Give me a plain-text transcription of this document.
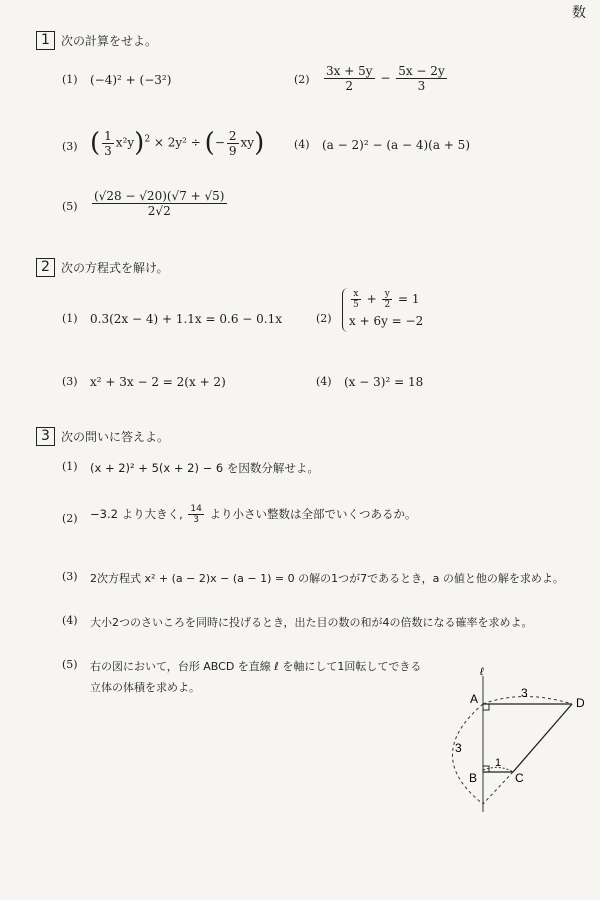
数
1 次の計算をせよ。
(1) (−4)² + (−3²)	$(2) \frac{3x + 5y}{2} - \frac{5x - 2y}{3}$
(3) ( $\frac{1}{3} x^2y)^2 \times 2y^2$ ÷ (− $\frac{2}{9} xy$)	(4) (a − 2)² − (a − 4)(a + 5)
$(5) \frac{(√28 - √20)(√7 + √5)}{2√2}$
2 次の方程式を解け。
(1) 0.3(2x − 4) + 1.1x = 0.6 − 0.1x	(2)
$\frac{x}{5} + \frac{y}{2} = 1$
x + 6y = −2
(3) x² + 3x − 2 = 2(x + 2)	(4) (x − 3)² = 18
3 次の問いに答えよ。
(1) (x + 2)² + 5(x + 2) − 6 を因数分解せよ。
(2) −3.2 より大きく, $\frac{14}{3}$ より小さい整数は全部でいくつあるか。
(3) 2次方程式 x² + (a − 2)x − (a − 1) = 0 の解の1つが7であるとき，a の値と他の解を求めよ。
(4) 大小2つのさいころを同時に投げるとき，出た目の数の和が4の倍数になる確率を求めよ。
(5) 右の図において，台形 ABCD を直線 ℓ を軸にして1回転してできる
立体の体積を求めよ。
ℓ
A	D
B	C
3
3
1
